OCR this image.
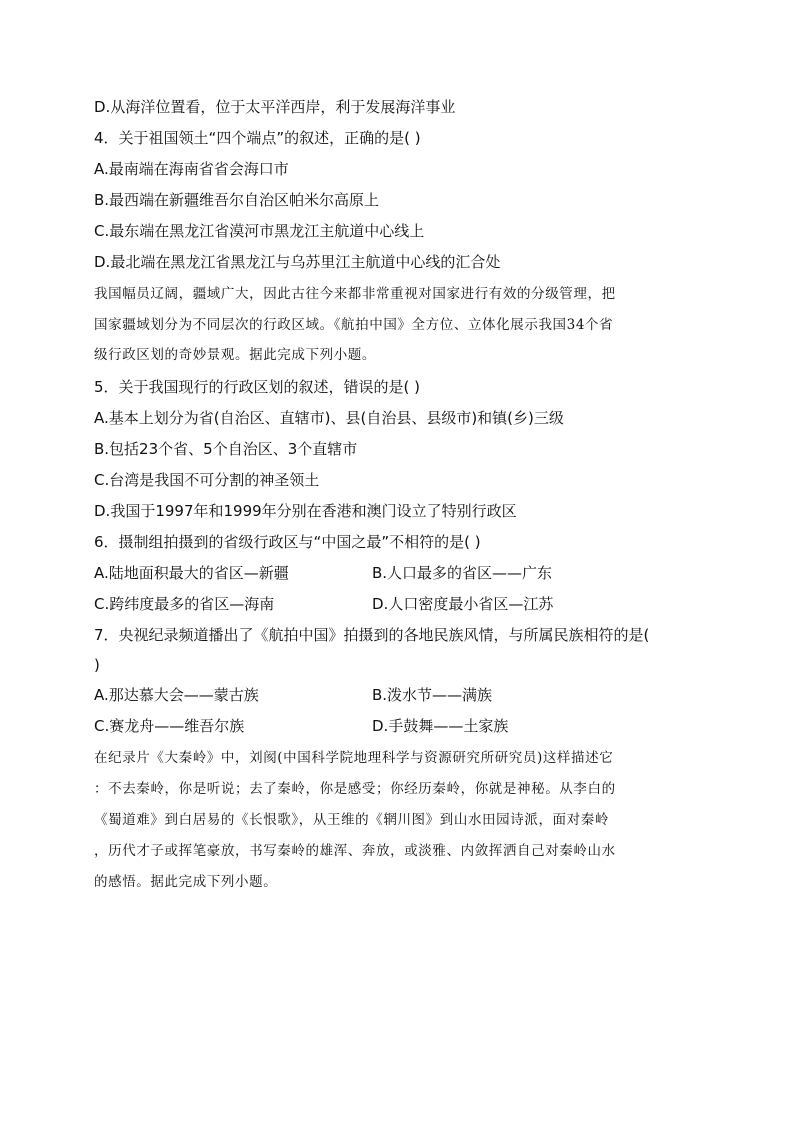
D.从海洋位置看，位于太平洋西岸，利于发展海洋事业
4．关于祖国领土“四个端点”的叙述，正确的是( )
A.最南端在海南省省会海口市
B.最西端在新疆维吾尔自治区帕米尔高原上
C.最东端在黑龙江省漠河市黑龙江主航道中心线上
D.最北端在黑龙江省黑龙江与乌苏里江主航道中心线的汇合处
我国幅员辽阔，疆域广大，因此古往今来都非常重视对国家进行有效的分级管理，把
国家疆域划分为不同层次的行政区域。《航拍中国》全方位、立体化展示我国34个省
级行政区划的奇妙景观。据此完成下列小题。
5．关于我国现行的行政区划的叙述，错误的是( )
A.基本上划分为省(自治区、直辖市)、县(自治县、县级市)和镇(乡)三级
B.包括23个省、5个自治区、3个直辖市
C.台湾是我国不可分割的神圣领土
D.我国于1997年和1999年分别在香港和澳门设立了特别行政区
6．摄制组拍摄到的省级行政区与“中国之最”不相符的是( )
A.陆地面积最大的省区—新疆	B.人口最多的省区——广东
C.跨纬度最多的省区—海南	D.人口密度最小省区—江苏
7．央视纪录频道播出了《航拍中国》拍摄到的各地民族风情，与所属民族相符的是(
)
A.那达慕大会——蒙古族	B.泼水节——满族
C.赛龙舟——维吾尔族	D.手鼓舞——土家族
在纪录片《大秦岭》中，刘阂(中国科学院地理科学与资源研究所研究员)这样描述它
：不去秦岭，你是听说；去了秦岭，你是感受；你经历秦岭，你就是神秘。从李白的
《蜀道难》到白居易的《长恨歌》，从王维的《辋川图》到山水田园诗派，面对秦岭
，历代才子或挥笔豪放，书写秦岭的雄浑、奔放，或淡雅、内敛挥洒自己对秦岭山水
的感悟。据此完成下列小题。
